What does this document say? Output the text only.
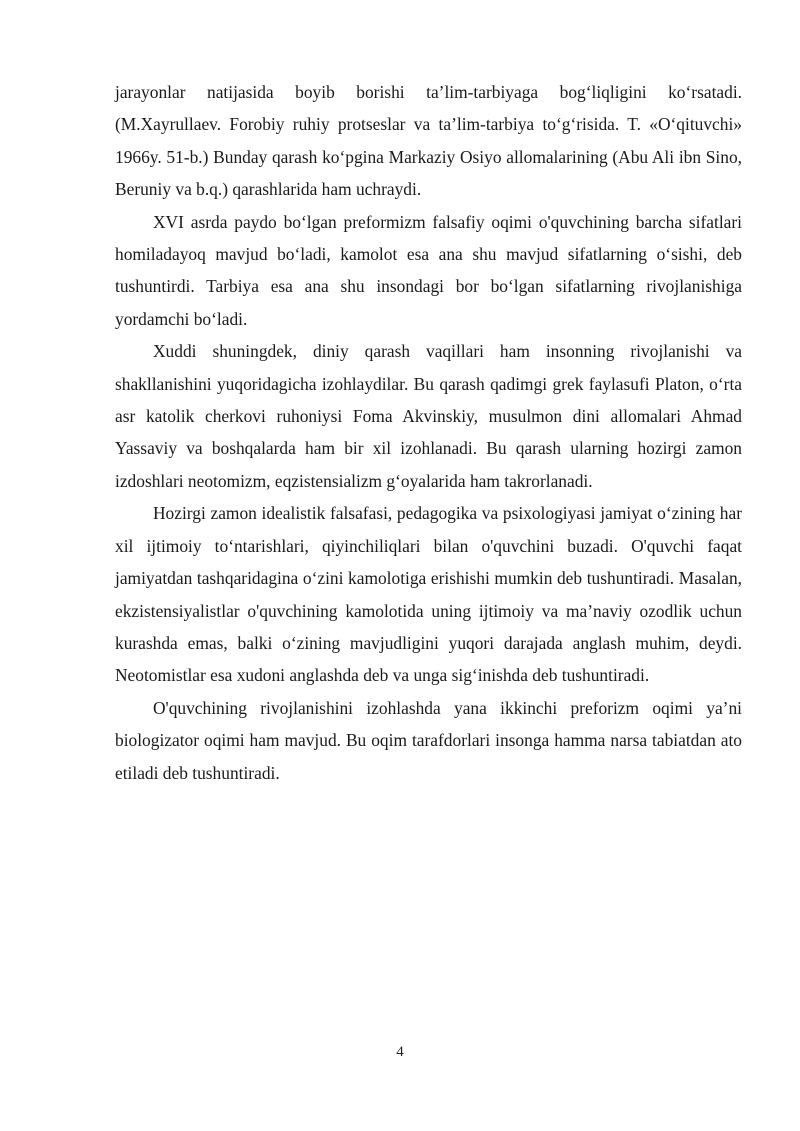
jarayonlar natijasida boyib borishi ta’lim-tarbiyaga bog‘liqligini ko‘rsatadi. (M.Xayrullaev. Forobiy ruhiy protseslar va ta’lim-tarbiya to‘g‘risida. T. «O‘qituvchi» 1966y. 51-b.) Bunday qarash ko‘pgina Markaziy Osiyo allomalarining (Abu Ali ibn Sino, Beruniy va b.q.) qarashlarida ham uchraydi.

XVI asrda paydo bo‘lgan preformizm falsafiy oqimi o'quvchining barcha sifatlari homiladayoq mavjud bo‘ladi, kamolot esa ana shu mavjud sifatlarning o‘sishi, deb tushuntirdi. Tarbiya esa ana shu insondagi bor bo‘lgan sifatlarning rivojlanishiga yordamchi bo‘ladi.

Xuddi shuningdek, diniy qarash vaqillari ham insonning rivojlanishi va shakllanishini yuqoridagicha izohlaydilar. Bu qarash qadimgi grek faylasufi Platon, o‘rta asr katolik cherkovi ruhoniysi Foma Akvinskiy, musulmon dini allomalari Ahmad Yassaviy va boshqalarda ham bir xil izohlanadi. Bu qarash ularning hozirgi zamon izdoshlari neotomizm, eqzistensializm g‘oyalarida ham takrorlanadi.

Hozirgi zamon idealistik falsafasi, pedagogika va psixologiyasi jamiyat o‘zining har xil ijtimoiy to‘ntarishlari, qiyinchiliqlari bilan o'quvchini buzadi. O'quvchi faqat jamiyatdan tashqaridagina o‘zini kamolotiga erishishi mumkin deb tushuntiradi. Masalan, ekzistensiyalistlar o'quvchining kamolotida uning ijtimoiy va ma’naviy ozodlik uchun kurashda emas, balki o‘zining mavjudligini yuqori darajada anglash muhim, deydi. Neotomistlar esa xudoni anglashda deb va unga sig‘inishda deb tushuntiradi.

O'quvchining rivojlanishini izohlashda yana ikkinchi preforizm oqimi ya’ni biologizator oqimi ham mavjud. Bu oqim tarafdorlari insonga hamma narsa tabiatdan ato etiladi deb tushuntiradi.

4
